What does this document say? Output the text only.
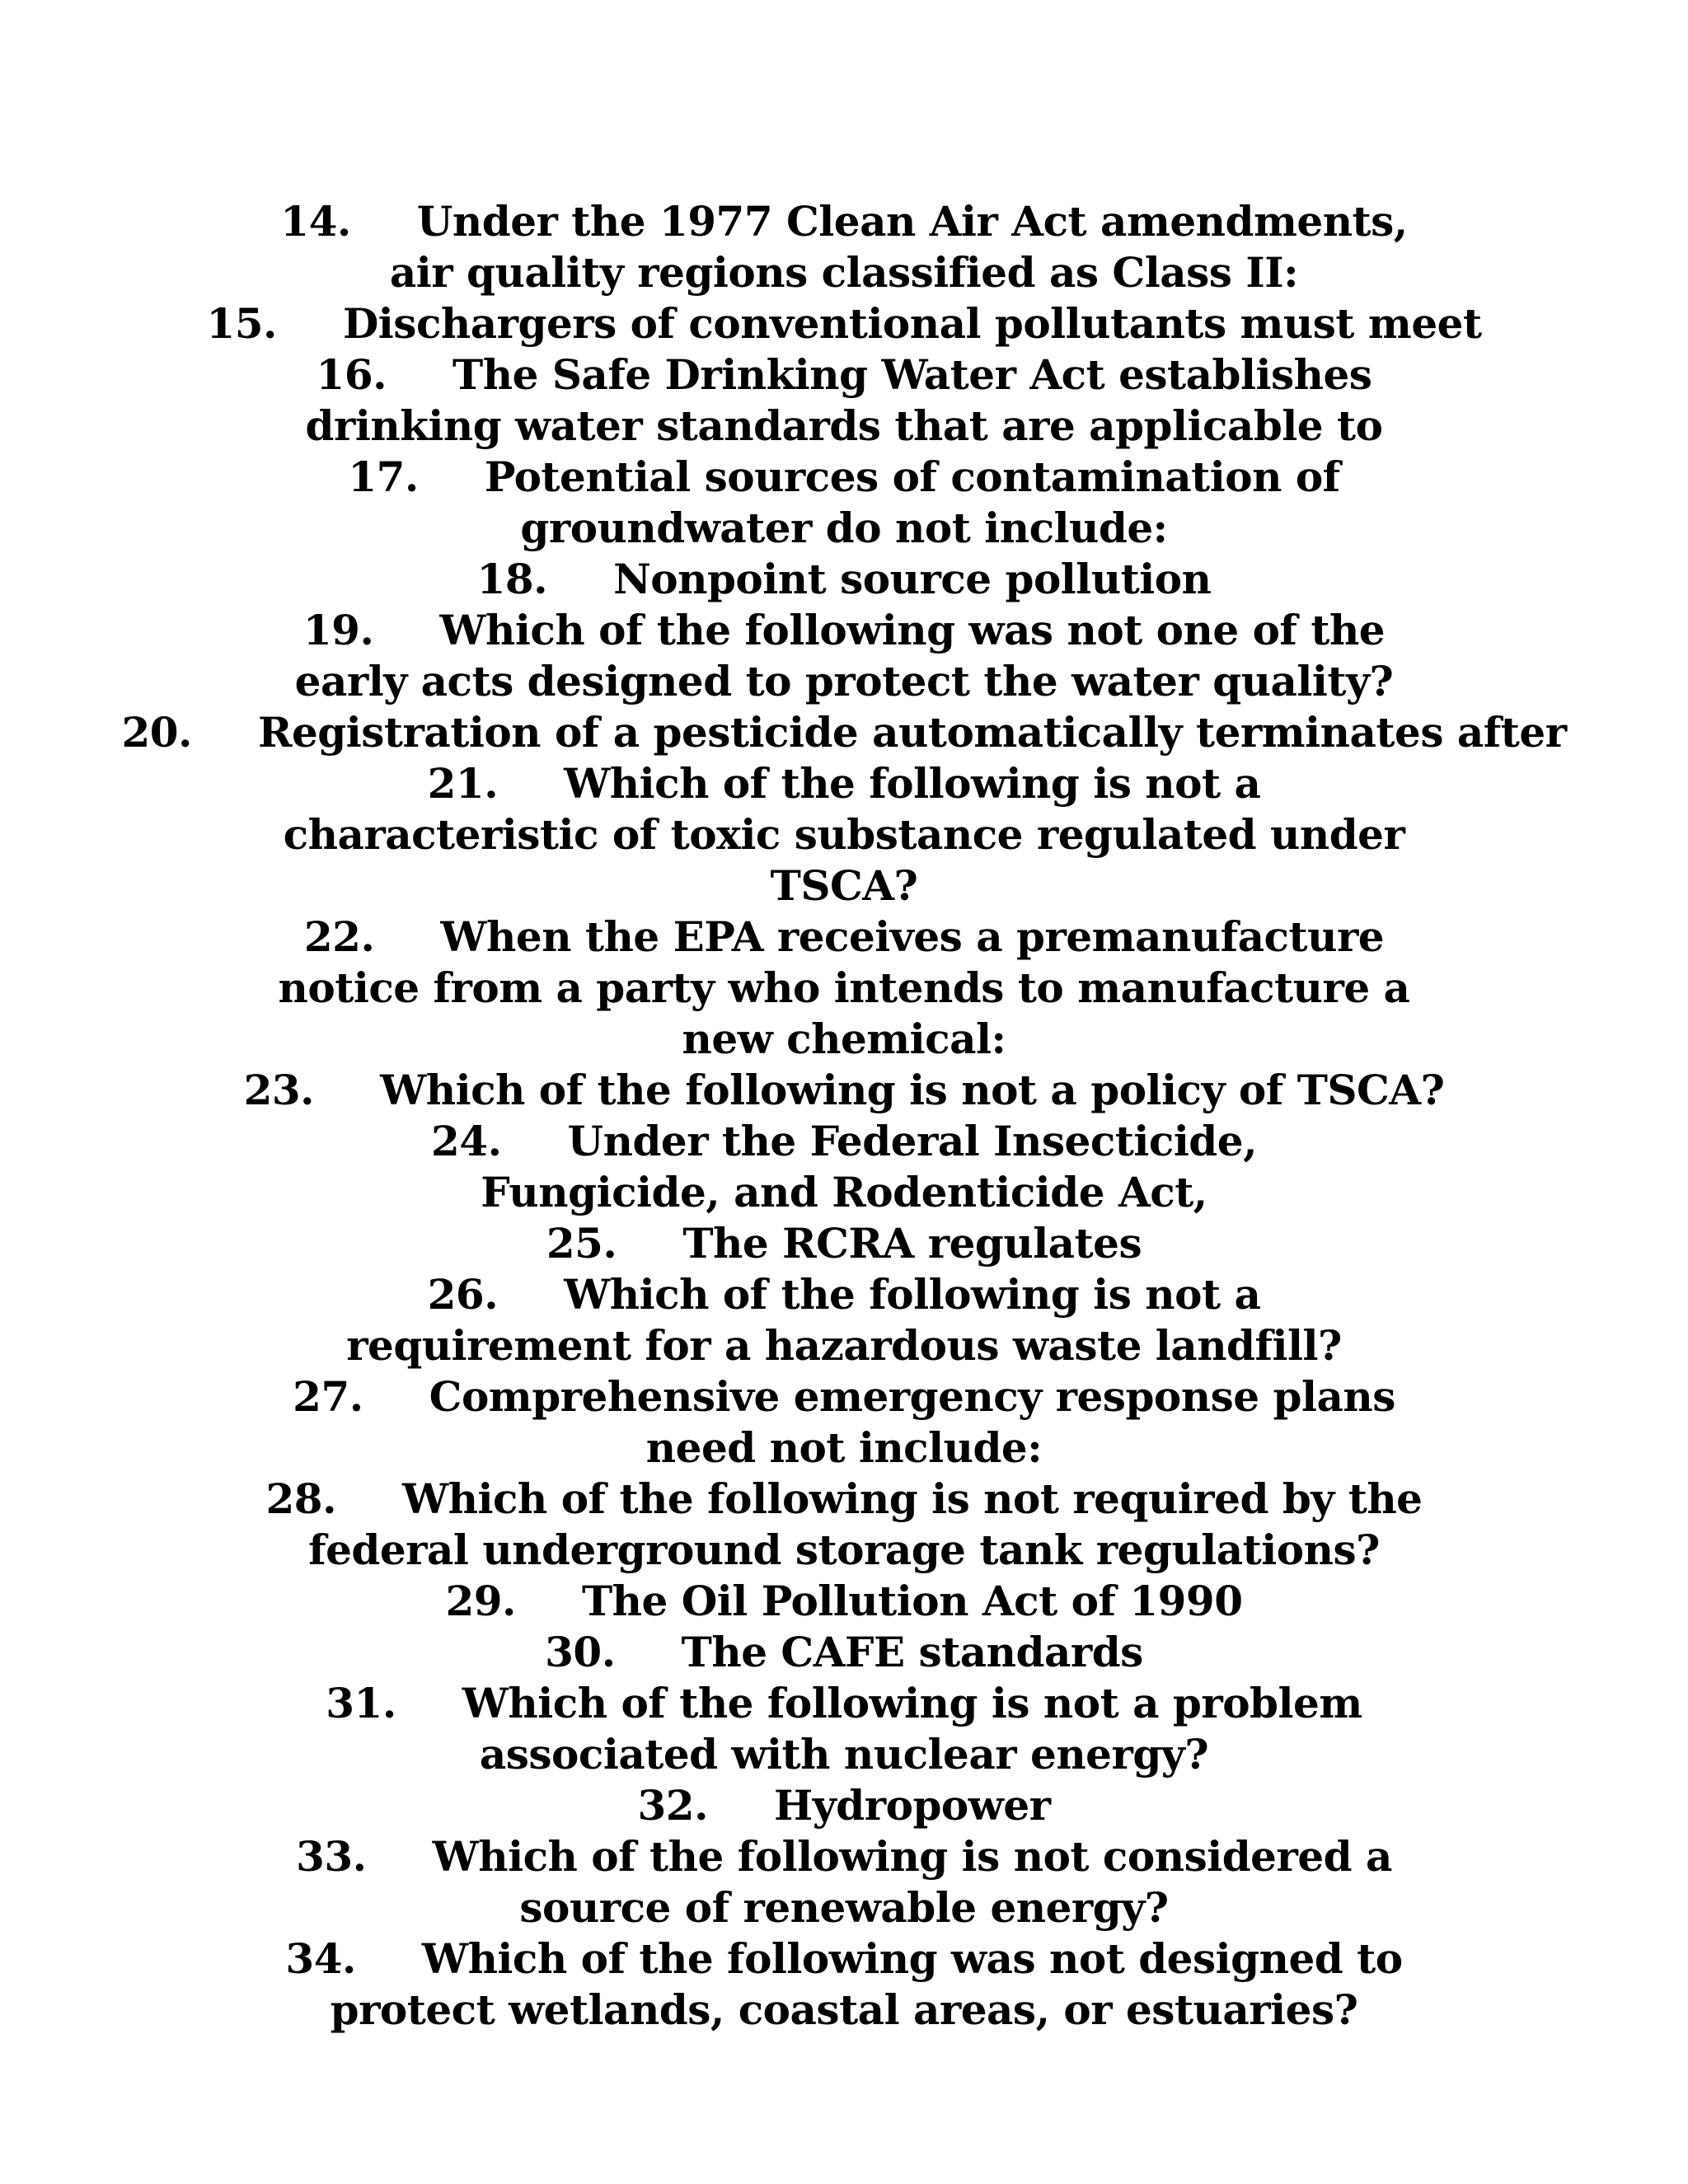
14. Under the 1977 Clean Air Act amendments, air quality regions classified as Class II:
15. Dischargers of conventional pollutants must meet
16. The Safe Drinking Water Act establishes drinking water standards that are applicable to
17. Potential sources of contamination of groundwater do not include:
18. Nonpoint source pollution
19. Which of the following was not one of the early acts designed to protect the water quality?
20. Registration of a pesticide automatically terminates after
21. Which of the following is not a characteristic of toxic substance regulated under TSCA?
22. When the EPA receives a premanufacture notice from a party who intends to manufacture a new chemical:
23. Which of the following is not a policy of TSCA?
24. Under the Federal Insecticide, Fungicide, and Rodenticide Act,
25. The RCRA regulates
26. Which of the following is not a requirement for a hazardous waste landfill?
27. Comprehensive emergency response plans need not include:
28. Which of the following is not required by the federal underground storage tank regulations?
29. The Oil Pollution Act of 1990
30. The CAFE standards
31. Which of the following is not a problem associated with nuclear energy?
32. Hydropower
33. Which of the following is not considered a source of renewable energy?
34. Which of the following was not designed to protect wetlands, coastal areas, or estuaries?
